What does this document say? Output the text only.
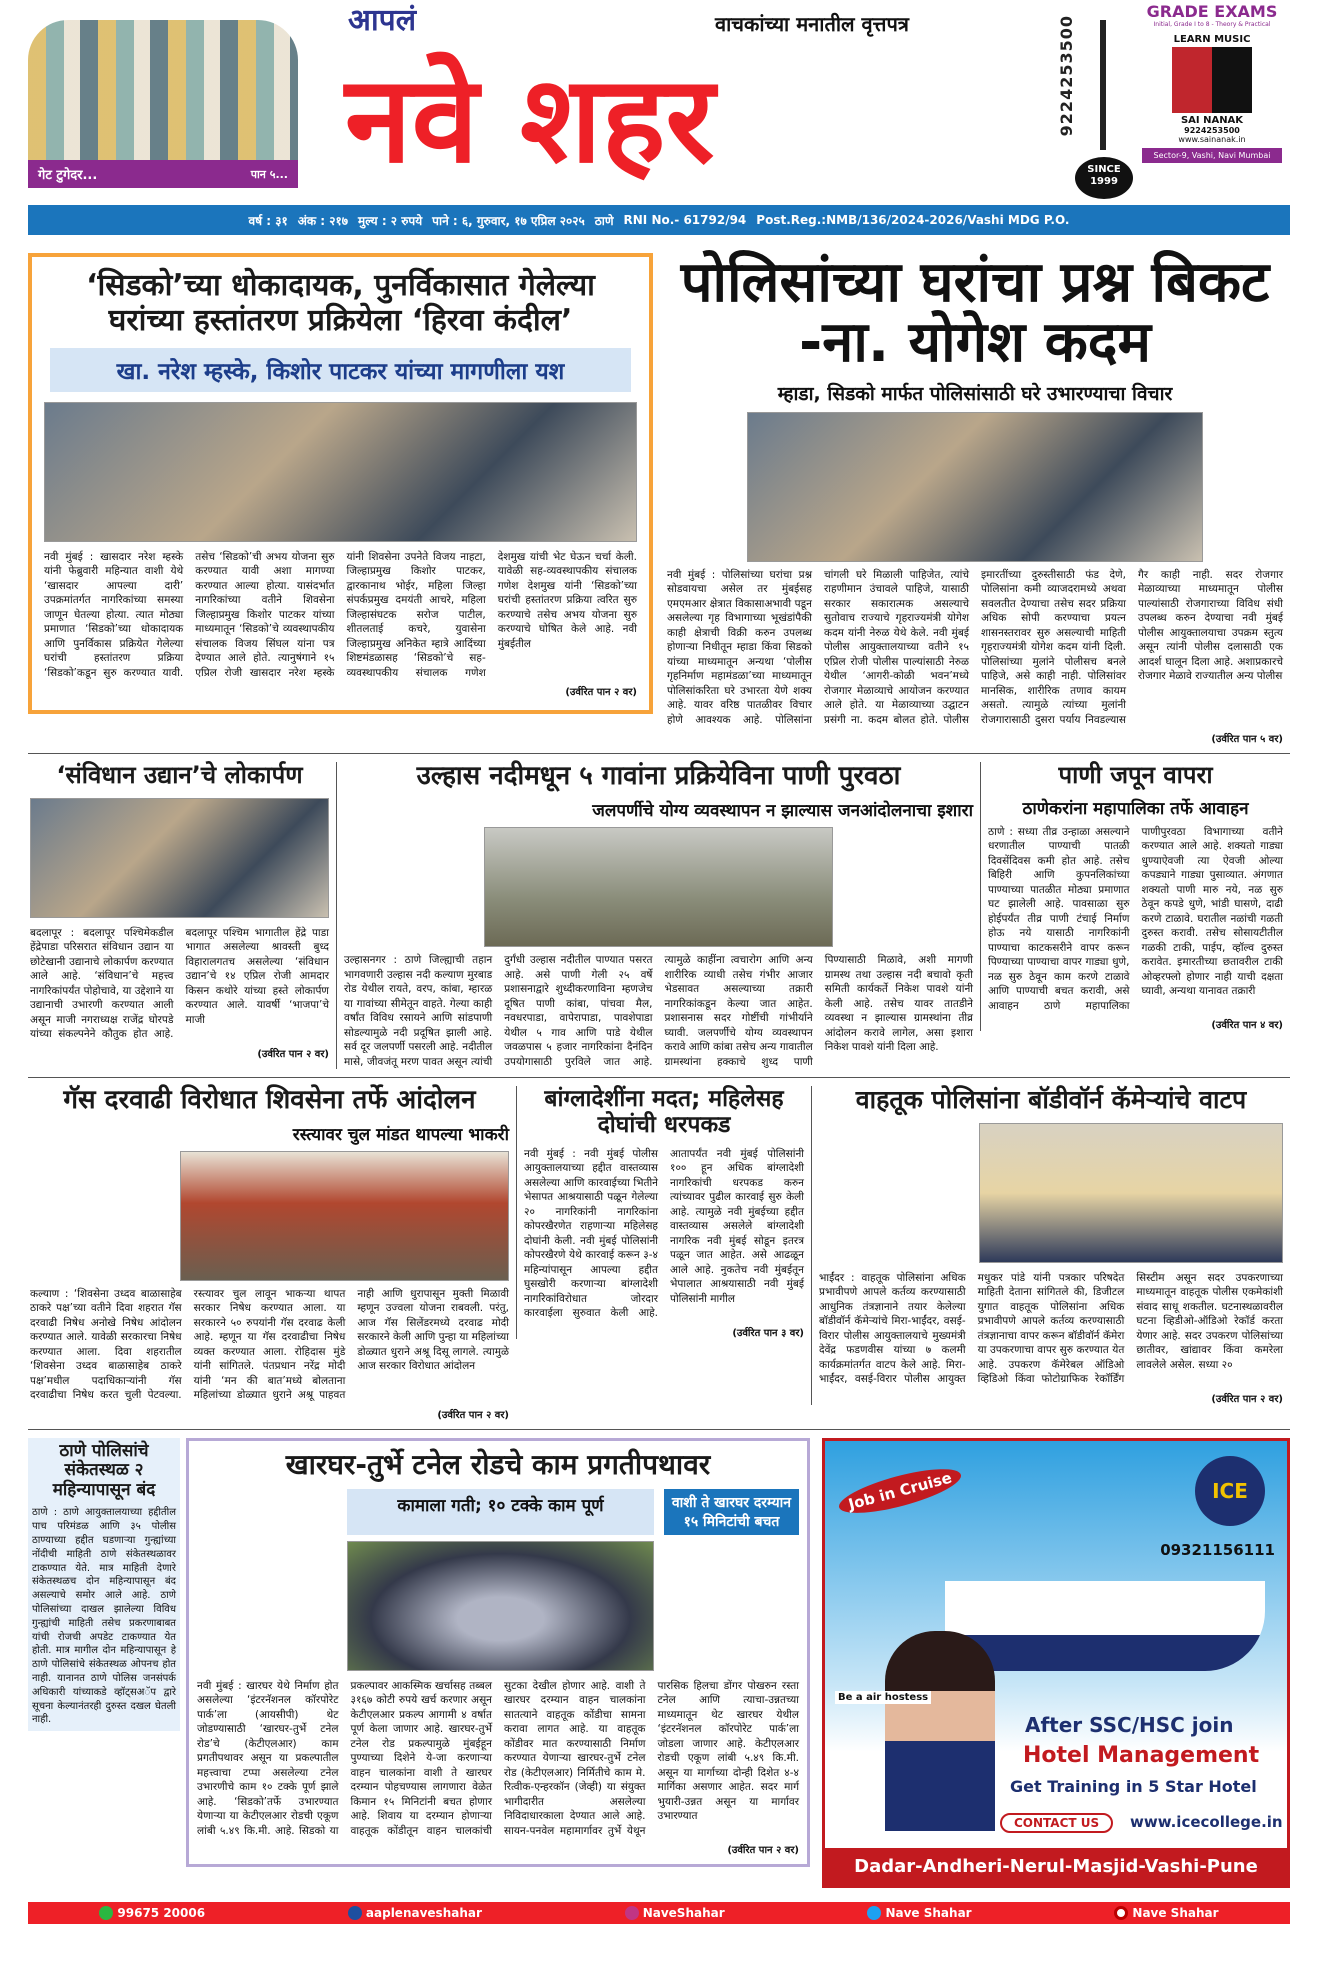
गेट टुगेदर...	पान ५...
आपलं	वाचकांच्या मनातील वृत्तपत्र
नवे शहर	9224253500
SINCE 1999
GRADE EXAMS
Initial, Grade I to 8 - Theory & Practical
LEARN MUSIC
SAI NANAK
9224253500
www.sainanak.in
Sector-9, Vashi, Navi Mumbai
वर्ष : ३१ अंक : २१७ मुल्य : २ रुपये पाने : ६, गुरुवार, १७ एप्रिल २०२५ ठाणे RNI No.- 61792/94 Post.Reg.:NMB/136/2024-2026/Vashi MDG P.O.
‘सिडको’च्या धोकादायक, पुनर्विकासात गेलेल्या घरांच्या हस्तांतरण प्रक्रियेला ‘हिरवा कंदील’
खा. नरेश म्हस्के, किशोर पाटकर यांच्या मागणीला यश
नवी मुंबई : खासदार नरेश म्हस्के यांनी फेब्रुवारी महिन्यात वाशी येथे ‘खासदार आपल्या दारी’ उपक्रमांतर्गत नागरिकांच्या समस्या जाणून घेतल्या होत्या. त्यात मोठ्या प्रमाणात ‘सिडको’च्या धोकादायक आणि पुनर्विकास प्रक्रियेत गेलेल्या घरांची हस्तांतरण प्रक्रिया ‘सिडको’कडून सुरु करण्यात यावी. तसेच ‘सिडको’ची अभय योजना सुरु करण्यात यावी अशा मागण्या करण्यात आल्या होत्या. यासंदर्भात नागरिकांच्या वतीने शिवसेना जिल्हाप्रमुख किशोर पाटकर यांच्या माध्यमातून ‘सिडको’चे व्यवस्थापकीय संचालक विजय सिंघल यांना पत्र देण्यात आले होते. त्यानुषंगाने १५ एप्रिल रोजी खासदार नरेश म्हस्के यांनी शिवसेना उपनेते विजय नाहटा, जिल्हाप्रमुख किशोर पाटकर, द्वारकानाथ भोईर, महिला जिल्हा संपर्कप्रमुख दमयंती आचरे, महिला जिल्हासंघटक सरोज पाटील, शीतलताई कचरे, युवासेना जिल्हाप्रमुख अनिकेत म्हात्रे आदिंच्या शिष्टमंडळासह ‘सिडको’चे सह-व्यवस्थापकीय संचालक गणेश देशमुख यांची भेट घेऊन चर्चा केली. यावेळी सह-व्यवस्थापकीय संचालक गणेश देशमुख यांनी ‘सिडको’च्या घरांची हस्तांतरण प्रक्रिया त्वरित सुरु करण्याचे तसेच अभय योजना सुरु करण्याचे घोषित केले आहे. नवी मुंबईतील
(उर्वरित पान २ वर)
पोलिसांच्या घरांचा प्रश्न बिकट -ना. योगेश कदम
म्हाडा, सिडको मार्फत पोलिसांसाठी घरे उभारण्याचा विचार
नवी मुंबई : पोलिसांच्या घरांचा प्रश्न सोडवायचा असेल तर मुंबईसह एमएमआर क्षेत्रात विकासाअभावी पडून असलेल्या गृह विभागाच्या भूखंडांपैकी काही क्षेत्राची विक्री करुन उपलब्ध होणाऱ्या निधीतून म्हाडा किंवा सिडको यांच्या माध्यमातून अन्यथा ‘पोलीस गृहनिर्माण महामंडळा’च्या माध्यमातून पोलिसांकरिता घरे उभारता येणे शक्य आहे. यावर वरिष्ठ पातळीवर विचार होणे आवश्यक आहे. पोलिसांना चांगली घरे मिळाली पाहिजेत, त्यांचे राहणीमान उंचावले पाहिजे, यासाठी सरकार सकारात्मक असल्याचे सुतोवाच राज्याचे गृहराज्यमंत्री योगेश कदम यांनी नेरुळ येथे केले. नवी मुंबई पोलीस आयुक्तालयाच्या वतीने १५ एप्रिल रोजी पोलीस पाल्यांसाठी नेरुळ येथील ‘आगरी-कोळी भवन’मध्ये रोजगार मेळाव्याचे आयोजन करण्यात आले होते. या मेळाव्याच्या उद्घाटन प्रसंगी ना. कदम बोलत होते. पोलीस इमारतींच्या दुरुस्तीसाठी फंड देणे, पोलिसांना कमी व्याजदरामध्ये अथवा सवलतीत देण्याचा तसेच सदर प्रक्रिया अधिक सोपी करण्याचा प्रयत्न शासनस्तरावर सुरु असल्याची माहिती गृहराज्यमंत्री योगेश कदम यांनी दिली. पोलिसांच्या मुलांने पोलीसच बनले पाहिजे, असे काही नाही. पोलिसांवर मानसिक, शारीरिक तणाव कायम असतो. त्यामुळे त्यांच्या मुलांनी रोजगारासाठी दुसरा पर्याय निवडल्यास गैर काही नाही. सदर रोजगार मेळाव्याच्या माध्यमातून पोलीस पाल्यांसाठी रोजगाराच्या विविध संधी उपलब्ध करुन देण्याचा नवी मुंबई पोलीस आयुक्तालयाचा उपक्रम स्तुत्य असून त्यांनी पोलीस दलासाठी एक आदर्श घालून दिला आहे. अशाप्रकारचे रोजगार मेळावे राज्यातील अन्य पोलीस
(उर्वरित पान ५ वर)
‘संविधान उद्यान’चे लोकार्पण
बदलापूर : बदलापूर पश्चिमेकडील हेंद्रेपाडा परिसरात संविधान उद्यान या छोटेखानी उद्यानाचे लोकार्पण करण्यात आले आहे. ‘संविधान’चे महत्त्व नागरिकांपर्यंत पोहोचावे, या उद्देशाने या उद्यानाची उभारणी करण्यात आली असून माजी नगराध्यक्ष राजेंद्र घोरपडे यांच्या संकल्पनेने कौतुक होत आहे. बदलापूर पश्चिम भागातील हेंद्रे पाडा भागात असलेल्या श्रावस्ती बुध्द विहारालगतच असलेल्या ‘संविधान उद्यान’चे १४ एप्रिल रोजी आमदार किसन कथोरे यांच्या हस्ते लोकार्पण करण्यात आले. यावर्षी ‘भाजपा’चे माजी
(उर्वरित पान २ वर)
उल्हास नदीमधून ५ गावांना प्रक्रियेविना पाणी पुरवठा
जलपर्णीचे योग्य व्यवस्थापन न झाल्यास जनआंदोलनाचा इशारा
उल्हासनगर : ठाणे जिल्ह्याची तहान भागवणारी उल्हास नदी कल्याण मुरबाड रोड येथील रायते, वरप, कांबा, म्हारळ या गावांच्या सीमेतून वाहते. गेल्या काही वर्षांत विविध रसायने आणि सांडपाणी सोडल्यामुळे नदी प्रदूषित झाली आहे. सर्व दूर जलपर्णी पसरली आहे. नदीतील मासे, जीवजंतू मरण पावत असून त्यांची दुर्गंधी उल्हास नदीतील पाण्यात पसरत आहे. असे पाणी गेली २५ वर्षे प्रशासनाद्वारे शुध्दीकरणाविना म्हणजेच दूषित पाणी कांबा, पांचवा मैल, नवधरपाडा, वापेरापाडा, पावशेपाडा येथील ५ गाव आणि पाडे येथील जवळपास ५ हजार नागरिकांना दैनंदिन उपयोगासाठी पुरविले जात आहे. त्यामुळे काहींना त्वचारोग आणि अन्य शारीरिक व्याधी तसेच गंभीर आजार भेडसावत असल्याच्या तक्रारी नागरिकांकडून केल्या जात आहेत. प्रशासनास सदर गोष्टींची गांभीर्याने घ्यावी. जलपर्णीचे योग्य व्यवस्थापन करावे आणि कांबा तसेच अन्य गावातील ग्रामस्थांना हक्काचे शुध्द पाणी पिण्यासाठी मिळावे, अशी मागणी ग्रामस्थ तथा उल्हास नदी बचावो कृती समिती कार्यकर्ते निकेश पावशे यांनी केली आहे. तसेच यावर तातडीने व्यवस्था न झाल्यास ग्रामस्थांना तीव्र आंदोलन करावे लागेल, असा इशारा निकेश पावशे यांनी दिला आहे.
पाणी जपून वापरा
ठाणेकरांना महापालिका तर्फे आवाहन
ठाणे : सध्या तीव्र उन्हाळा असल्याने धरणातील पाण्याची पातळी दिवसेंदिवस कमी होत आहे. तसेच बिहिरी आणि कुपनलिकांच्या पाण्याच्या पातळीत मोठ्या प्रमाणात घट झालेली आहे. पावसाळा सुरु होईपर्यंत तीव्र पाणी टंचाई निर्माण होऊ नये यासाठी नागरिकांनी पाण्याचा काटकसरीने वापर करून पिण्याच्या पाण्याचा वापर गाड्या धुणे, नळ सुरु ठेवून काम करणे टाळावे आणि पाण्याची बचत करावी, असे आवाहन ठाणे महापालिका पाणीपुरवठा विभागाच्या वतीने करण्यात आले आहे. शक्यतो गाड्या धुण्याऐवजी त्या ऐवजी ओल्या कपड्याने गाड्या पुसाव्यात. अंगणात शक्यतो पाणी मारु नये, नळ सुरु ठेवून कपडे धुणे, भांडी घासणे, दाढी करणे टाळावे. घरातील नळांची गळती दुरुस्त करावी. तसेच सोसायटीतील गळकी टाकी, पाईप, व्हॉल्व दुरुस्त करावेत. इमारतीच्या छतावरील टाकी ओव्हरफ्लो होणार नाही याची दक्षता घ्यावी, अन्यथा यानावत तक्रारी
(उर्वरित पान ४ वर)
गॅस दरवाढी विरोधात शिवसेना तर्फे आंदोलन
रस्त्यावर चुल मांडत थापल्या भाकरी
कल्याण : ‘शिवसेना उध्दव बाळासाहेब ठाकरे पक्ष’च्या वतीने दिवा शहरात गॅस दरवाढी निषेध अनोखे निषेध आंदोलन करण्यात आले. यावेळी सरकारचा निषेध करण्यात आला. दिवा शहरातील ‘शिवसेना उध्दव बाळासाहेब ठाकरे पक्ष’मधील पदाधिकाऱ्यांनी गॅस दरवाढीचा निषेध करत चुली पेटवल्या. रस्त्यावर चुल लावून भाकऱ्या थापत सरकार निषेध करण्यात आला. या सरकारने ५० रुपयांनी गॅस दरवाढ केली आहे. म्हणून या गॅस दरवाढीचा निषेध व्यक्त करण्यात आला. रोहिदास मुंडे यांनी सांगितले. पंतप्रधान नरेंद्र मोदी यांनी ‘मन की बात’मध्ये बोलताना महिलांच्या डोळ्यात धुराने अश्रू पाहवत नाही आणि धुरापासून मुक्ती मिळावी म्हणून उज्वला योजना राबवली. परंतु, आज गॅस सिलेंडरमध्ये दरवाढ मोदी सरकारने केली आणि पुन्हा या महिलांच्या डोळ्यात धुराने अश्रू दिसू लागले. त्यामुळे आज सरकार विरोधात आंदोलन
(उर्वरित पान २ वर)
बांग्लादेशींना मदत; महिलेसह दोघांची धरपकड
नवी मुंबई : नवी मुंबई पोलीस आयुक्तालयाच्या हद्दीत वास्तव्यास असलेल्या आणि कारवाईच्या भितीने भेसापत आश्रयासाठी पळून गेलेल्या २० नागरिकांनी नागरिकांना कोपरखैरणेत राहणाऱ्या महिलेसह दोघांनी केली. नवी मुंबई पोलिसांनी कोपरखैरणे येथे कारवाई करून ३-४ महिन्यांपासून आपल्या हद्दीत घुसखोरी करणाऱ्या बांग्लादेशी नागरिकांविरोधात जोरदार कारवाईला सुरुवात केली आहे. आतापर्यंत नवी मुंबई पोलिसांनी १०० हून अधिक बांग्लादेशी नागरिकांची धरपकड करुन त्यांच्यावर पुढील कारवाई सुरु केली आहे. त्यामुळे नवी मुंबईच्या हद्दीत वास्तव्यास असलेले बांग्लादेशी नागरिक नवी मुंबई सोडून इतरत्र पळून जात आहेत. असे आढळून आले आहे. नुकतेच नवी मुंबईतून भेपालात आश्रयासाठी नवी मुंबई पोलिसांनी मागील
(उर्वरित पान ३ वर)
वाहतूक पोलिसांना बॉडीवॉर्न कॅमेऱ्यांचे वाटप
भाईंदर : वाहतूक पोलिसांना अधिक प्रभावीपणे आपले कर्तव्य करण्यासाठी आधुनिक तंत्रज्ञानाने तयार केलेल्या बॉडीवॉर्न कॅमेऱ्यांचे मिरा-भाईंदर, वसई-विरार पोलीस आयुक्तालयाचे मुख्यमंत्री देवेंद्र फडणवीस यांच्या ७ कलमी कार्यक्रमांतर्गत वाटप केले आहे. मिरा-भाईंदर, वसई-विरार पोलीस आयुक्त मधुकर पांडे यांनी पत्रकार परिषदेत माहिती देताना सांगितले की, डिजीटल युगात वाहतूक पोलिसांना अधिक प्रभावीपणे आपले कर्तव्य करण्यासाठी तंत्रज्ञानाचा वापर करून बॉडीवॉर्न कॅमेरा या उपकरणाचा वापर सुरु करण्यात येत आहे. उपकरण कॅमेरेबल ऑडिओ व्हिडिओ किंवा फोटोग्राफिक रेकॉर्डिंग सिस्टीम असून सदर उपकरणाच्या माध्यमातून वाहतूक पोलीस एकमेकांशी संवाद साधू शकतील. घटनास्थळावरील घटना व्हिडीओ-ऑडिओ रेकॉर्ड करता येणार आहे. सदर उपकरण पोलिसांच्या छातीवर, खांद्यावर किंवा कमरेला लावलेले असेल. सध्या २०
(उर्वरित पान २ वर)
ठाणे पोलिसांचे संकेतस्थळ २ महिन्यापासून बंद
ठाणे : ठाणे आयुक्तालयाच्या हद्दीतील पाच परिमंडळ आणि ३५ पोलीस ठाण्याच्या हद्दीत घडणाऱ्या गुन्ह्यांच्या नोंदीची माहिती ठाणे संकेतस्थळावर टाकण्यात येते. मात्र माहिती देणारे संकेतस्थळच दोन महिन्यापासून बंद असल्याचे समोर आले आहे. ठाणे पोलिसांच्या दाखल झालेल्या विविध गुन्ह्यांची माहिती तसेच प्रकरणाबाबत यांची रोजची अपडेट टाकण्यात येत होती. मात्र मागील दोन महिन्यापासून हे ठाणे पोलिसांचे संकेतस्थळ ओपनच होत नाही. यानानत ठाणे पोलिस जनसंपर्क अधिकारी यांच्याकडे व्हॉट्सअॅप द्वारे सूचना केल्यानंतरही दुरुस्त दखल घेतली नाही.
खारघर-तुर्भे टनेल रोडचे काम प्रगतीपथावर
कामाला गती; १० टक्के काम पूर्ण	वाशी ते खारघर दरम्यान १५ मिनिटांची बचत
नवी मुंबई : खारघर येथे निर्माण होत असलेल्या ‘इंटरनॅशनल कॉरपोरेट पार्क’ला (आयसीपी) थेट जोडण्यासाठी ‘खारघर-तुर्भे टनेल रोड’चे (केटीएलआर) काम प्रगतीपथावर असून या प्रकल्पातील महत्त्वाचा टप्पा असलेल्या टनेल उभारणीचे काम १० टक्के पूर्ण झाले आहे. ‘सिडको’तर्फे उभारण्यात येणाऱ्या या केटीएलआर रोडची एकूण लांबी ५.४९ कि.मी. आहे. सिडको या प्रकल्पावर आकस्मिक खर्चासह तब्बल ३१६७ कोटी रुपये खर्च करणार असून केटीएलआर प्रकल्प आगामी ४ वर्षात पूर्ण केला जाणार आहे. खारघर-तुर्भे टनेल रोड प्रकल्पामुळे मुंबईहून पुण्याच्या दिशेने ये-जा करणाऱ्या वाहन चालकांना वाशी ते खारघर दरम्यान पोहचण्यास लागणारा वेळेत किमान १५ मिनिटांनी बचत होणार आहे. शिवाय या दरम्यान होणाऱ्या वाहतूक कोंडीतून वाहन चालकांची सुटका देखील होणार आहे. वाशी ते खारघर दरम्यान वाहन चालकांना सातत्याने वाहतूक कोंडीचा सामना करावा लागत आहे. या वाहतूक कोंडीवर मात करण्यासाठी निर्माण करण्यात येणाऱ्या खारघर-तुर्भे टनेल रोड (केटीएलआर) निर्मितीचे काम मे. रित्वीक-एन्हरकॉन (जेव्ही) या संयुक्त भागीदारीत असलेल्या निविदाधारकाला देण्यात आले आहे. सायन-पनवेल महामार्गावर तुर्भे येथून पारसिक हिलचा डोंगर पोखरुन रस्ता टनेल आणि त्याचा-उन्नतच्या माध्यमातून थेट खारघर येथील ‘इंटरनॅशनल कॉरपोरेट पार्क’ला जोडला जाणार आहे. केटीएलआर रोडची एकूण लांबी ५.४९ कि.मी. असून या मार्गाच्या दोन्ही दिशेत ४-४ मार्गिका असणार आहेत. सदर मार्ग भुयारी-उन्नत असून या मार्गावर उभारण्यात
(उर्वरित पान २ वर)
Job in Cruise	ICE
09321156111
Be a air hostess
After SSC/HSC join
Hotel Management
Get Training in 5 Star Hotel
CONTACT US	www.icecollege.in
Dadar-Andheri-Nerul-Masjid-Vashi-Pune
99675 20006	aaplenaveshahar	NaveShahar	Nave Shahar	Nave Shahar
